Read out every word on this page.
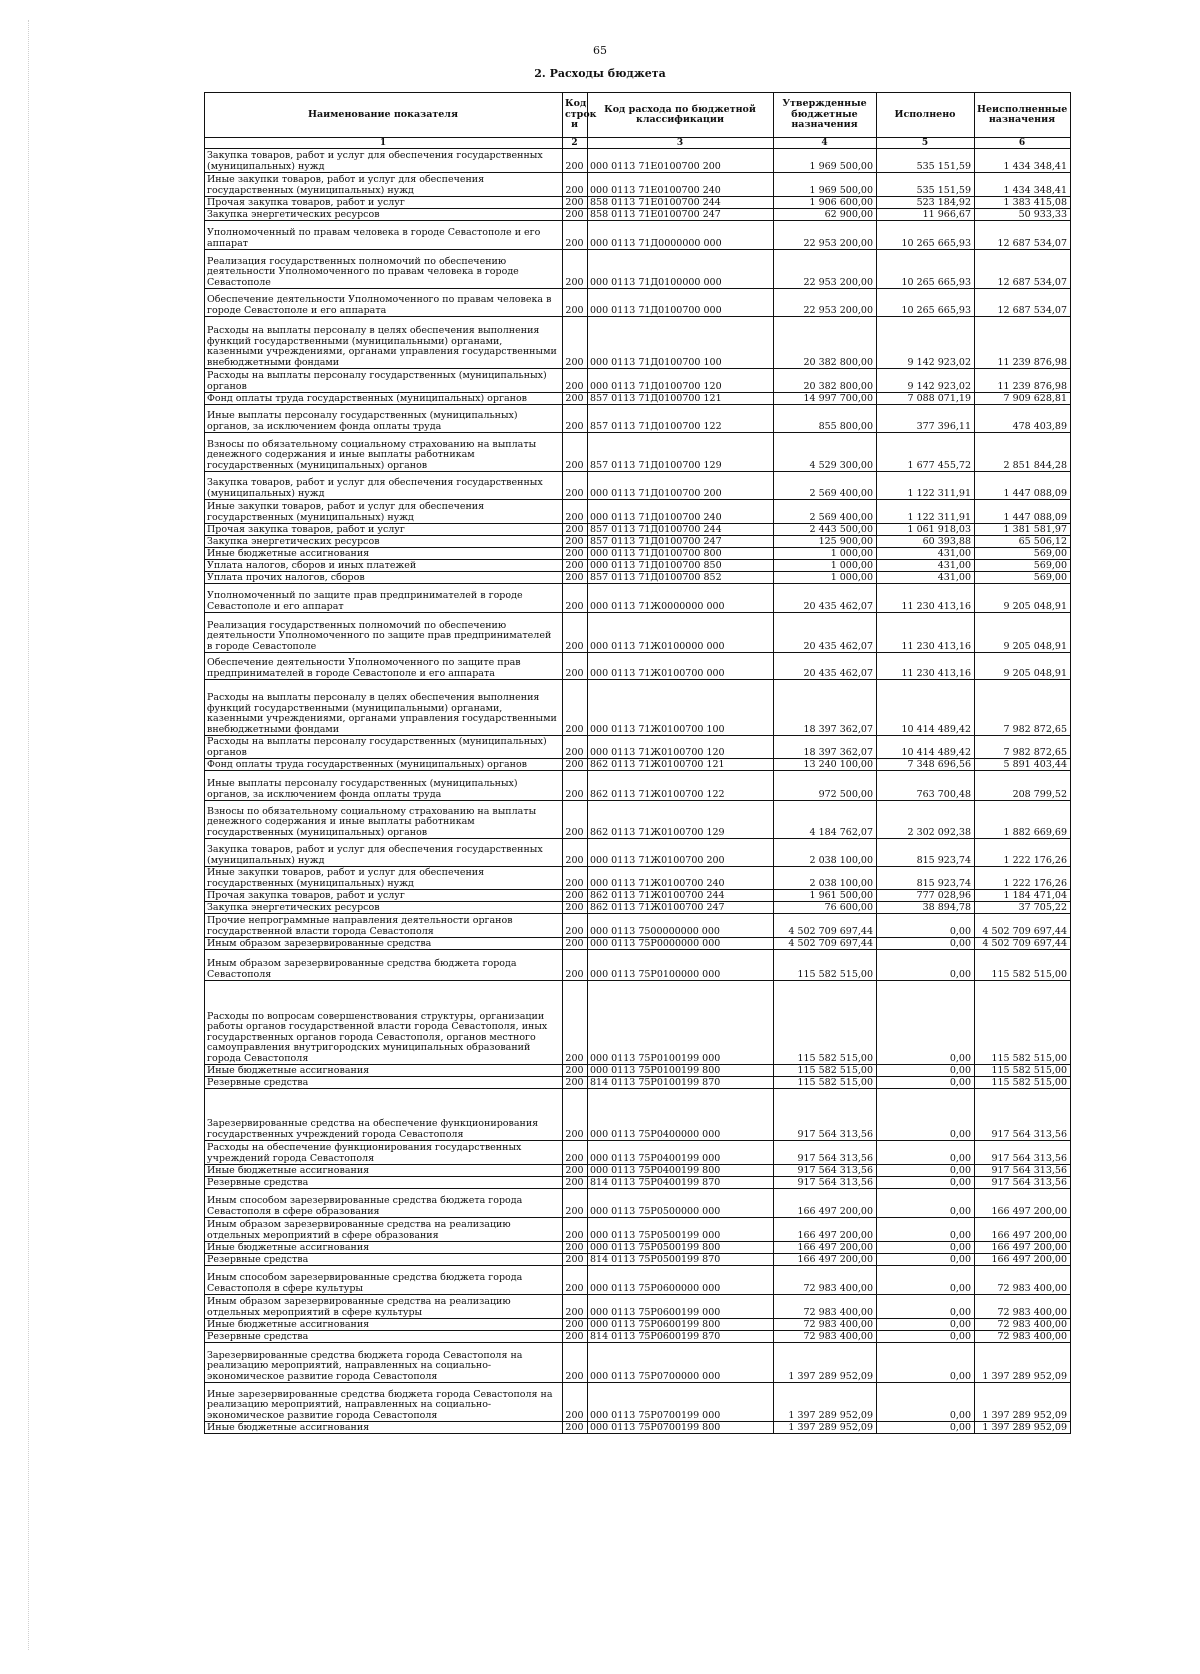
65
2. Расходы бюджета
Наименование показателя	Код строк и	Код расхода по бюджетной классификации	Утвержденные бюджетные назначения	Исполнено	Неисполненные назначения
1	2	3	4	5	6
Закупка товаров, работ и услуг для обеспечения государственных (муниципальных) нужд	200	000 0113 71Е0100700 200	1 969 500,00	535 151,59	1 434 348,41
Иные закупки товаров, работ и услуг для обеспечения государственных (муниципальных) нужд	200	000 0113 71Е0100700 240	1 969 500,00	535 151,59	1 434 348,41
Прочая закупка товаров, работ и услуг	200	858 0113 71Е0100700 244	1 906 600,00	523 184,92	1 383 415,08
Закупка энергетических ресурсов	200	858 0113 71Е0100700 247	62 900,00	11 966,67	50 933,33
Уполномоченный по правам человека в городе Севастополе и его аппарат	200	000 0113 71Д0000000 000	22 953 200,00	10 265 665,93	12 687 534,07
Реализация государственных полномочий по обеспечению деятельности Уполномоченного по правам человека в городе Севастополе	200	000 0113 71Д0100000 000	22 953 200,00	10 265 665,93	12 687 534,07
Обеспечение деятельности Уполномоченного по правам человека в городе Севастополе и его аппарата	200	000 0113 71Д0100700 000	22 953 200,00	10 265 665,93	12 687 534,07
Расходы на выплаты персоналу в целях обеспечения выполнения функций государственными (муниципальными) органами, казенными учреждениями, органами управления государственными внебюджетными фондами	200	000 0113 71Д0100700 100	20 382 800,00	9 142 923,02	11 239 876,98
Расходы на выплаты персоналу государственных (муниципальных) органов	200	000 0113 71Д0100700 120	20 382 800,00	9 142 923,02	11 239 876,98
Фонд оплаты труда государственных (муниципальных) органов	200	857 0113 71Д0100700 121	14 997 700,00	7 088 071,19	7 909 628,81
Иные выплаты персоналу государственных (муниципальных) органов, за исключением фонда оплаты труда	200	857 0113 71Д0100700 122	855 800,00	377 396,11	478 403,89
Взносы по обязательному социальному страхованию на выплаты денежного содержания и иные выплаты работникам государственных (муниципальных) органов	200	857 0113 71Д0100700 129	4 529 300,00	1 677 455,72	2 851 844,28
Закупка товаров, работ и услуг для обеспечения государственных (муниципальных) нужд	200	000 0113 71Д0100700 200	2 569 400,00	1 122 311,91	1 447 088,09
Иные закупки товаров, работ и услуг для обеспечения государственных (муниципальных) нужд	200	000 0113 71Д0100700 240	2 569 400,00	1 122 311,91	1 447 088,09
Прочая закупка товаров, работ и услуг	200	857 0113 71Д0100700 244	2 443 500,00	1 061 918,03	1 381 581,97
Закупка энергетических ресурсов	200	857 0113 71Д0100700 247	125 900,00	60 393,88	65 506,12
Иные бюджетные ассигнования	200	000 0113 71Д0100700 800	1 000,00	431,00	569,00
Уплата налогов, сборов и иных платежей	200	000 0113 71Д0100700 850	1 000,00	431,00	569,00
Уплата прочих налогов, сборов	200	857 0113 71Д0100700 852	1 000,00	431,00	569,00
Уполномоченный по защите прав предпринимателей в городе Севастополе и его аппарат	200	000 0113 71Ж0000000 000	20 435 462,07	11 230 413,16	9 205 048,91
Реализация государственных полномочий по обеспечению деятельности Уполномоченного по защите прав предпринимателей в городе Севастополе	200	000 0113 71Ж0100000 000	20 435 462,07	11 230 413,16	9 205 048,91
Обеспечение деятельности Уполномоченного по защите прав предпринимателей в городе Севастополе и его аппарата	200	000 0113 71Ж0100700 000	20 435 462,07	11 230 413,16	9 205 048,91
Расходы на выплаты персоналу в целях обеспечения выполнения функций государственными (муниципальными) органами, казенными учреждениями, органами управления государственными внебюджетными фондами	200	000 0113 71Ж0100700 100	18 397 362,07	10 414 489,42	7 982 872,65
Расходы на выплаты персоналу государственных (муниципальных) органов	200	000 0113 71Ж0100700 120	18 397 362,07	10 414 489,42	7 982 872,65
Фонд оплаты труда государственных (муниципальных) органов	200	862 0113 71Ж0100700 121	13 240 100,00	7 348 696,56	5 891 403,44
Иные выплаты персоналу государственных (муниципальных) органов, за исключением фонда оплаты труда	200	862 0113 71Ж0100700 122	972 500,00	763 700,48	208 799,52
Взносы по обязательному социальному страхованию на выплаты денежного содержания и иные выплаты работникам государственных (муниципальных) органов	200	862 0113 71Ж0100700 129	4 184 762,07	2 302 092,38	1 882 669,69
Закупка товаров, работ и услуг для обеспечения государственных (муниципальных) нужд	200	000 0113 71Ж0100700 200	2 038 100,00	815 923,74	1 222 176,26
Иные закупки товаров, работ и услуг для обеспечения государственных (муниципальных) нужд	200	000 0113 71Ж0100700 240	2 038 100,00	815 923,74	1 222 176,26
Прочая закупка товаров, работ и услуг	200	862 0113 71Ж0100700 244	1 961 500,00	777 028,96	1 184 471,04
Закупка энергетических ресурсов	200	862 0113 71Ж0100700 247	76 600,00	38 894,78	37 705,22
Прочие непрограммные направления деятельности органов государственной власти города Севастополя	200	000 0113 7500000000 000	4 502 709 697,44	0,00	4 502 709 697,44
Иным образом зарезервированные средства	200	000 0113 75Р0000000 000	4 502 709 697,44	0,00	4 502 709 697,44
Иным образом зарезервированные средства бюджета города Севастополя	200	000 0113 75Р0100000 000	115 582 515,00	0,00	115 582 515,00
Расходы по вопросам совершенствования структуры, организации работы органов государственной власти города Севастополя, иных государственных органов города Севастополя, органов местного самоуправления внутригородских муниципальных образований города Севастополя	200	000 0113 75Р0100199 000	115 582 515,00	0,00	115 582 515,00
Иные бюджетные ассигнования	200	000 0113 75Р0100199 800	115 582 515,00	0,00	115 582 515,00
Резервные средства	200	814 0113 75Р0100199 870	115 582 515,00	0,00	115 582 515,00
Зарезервированные средства на обеспечение функционирования государственных учреждений города Севастополя	200	000 0113 75Р0400000 000	917 564 313,56	0,00	917 564 313,56
Расходы на обеспечение функционирования государственных учреждений города Севастополя	200	000 0113 75Р0400199 000	917 564 313,56	0,00	917 564 313,56
Иные бюджетные ассигнования	200	000 0113 75Р0400199 800	917 564 313,56	0,00	917 564 313,56
Резервные средства	200	814 0113 75Р0400199 870	917 564 313,56	0,00	917 564 313,56
Иным способом зарезервированные средства бюджета города Севастополя в сфере образования	200	000 0113 75Р0500000 000	166 497 200,00	0,00	166 497 200,00
Иным образом зарезервированные средства на реализацию отдельных мероприятий в сфере образования	200	000 0113 75Р0500199 000	166 497 200,00	0,00	166 497 200,00
Иные бюджетные ассигнования	200	000 0113 75Р0500199 800	166 497 200,00	0,00	166 497 200,00
Резервные средства	200	814 0113 75Р0500199 870	166 497 200,00	0,00	166 497 200,00
Иным способом зарезервированные средства бюджета города Севастополя в сфере культуры	200	000 0113 75Р0600000 000	72 983 400,00	0,00	72 983 400,00
Иным образом зарезервированные средства на реализацию отдельных мероприятий в сфере культуры	200	000 0113 75Р0600199 000	72 983 400,00	0,00	72 983 400,00
Иные бюджетные ассигнования	200	000 0113 75Р0600199 800	72 983 400,00	0,00	72 983 400,00
Резервные средства	200	814 0113 75Р0600199 870	72 983 400,00	0,00	72 983 400,00
Зарезервированные средства бюджета города Севастополя на реализацию мероприятий, направленных на социально-экономическое развитие города Севастополя	200	000 0113 75Р0700000 000	1 397 289 952,09	0,00	1 397 289 952,09
Иные зарезервированные средства бюджета города Севастополя на реализацию мероприятий, направленных на социально-экономическое развитие города Севастополя	200	000 0113 75Р0700199 000	1 397 289 952,09	0,00	1 397 289 952,09
Иные бюджетные ассигнования	200	000 0113 75Р0700199 800	1 397 289 952,09	0,00	1 397 289 952,09
